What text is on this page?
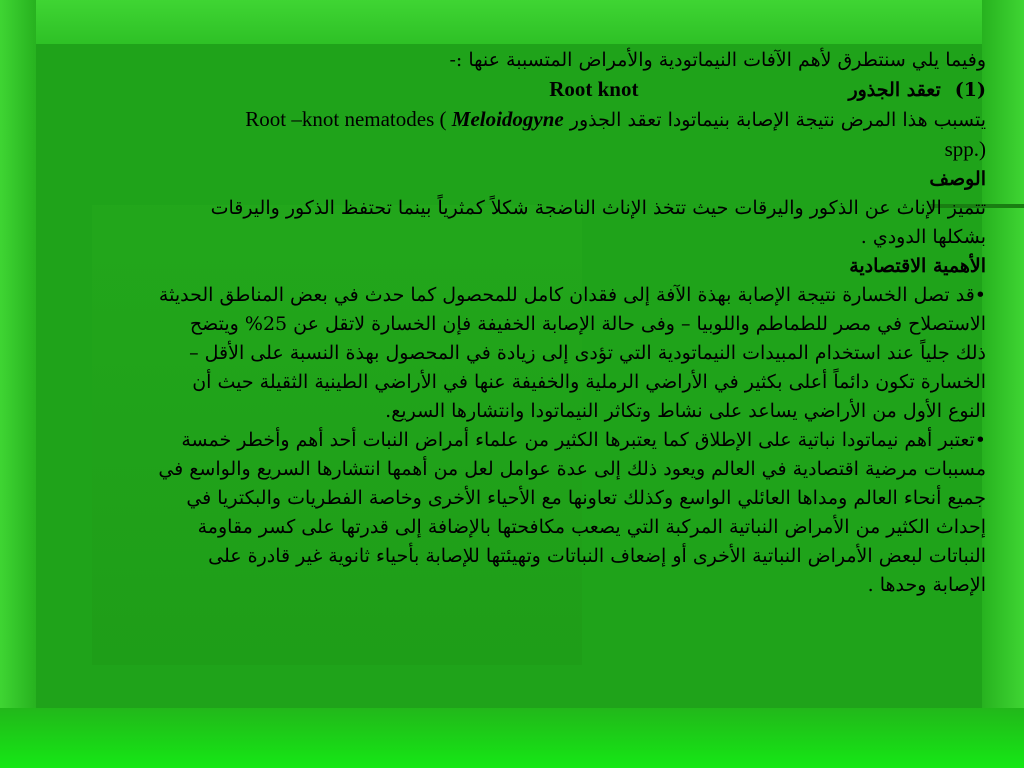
وفيما يلي سنتطرق لأهم الآفات النيماتودية والأمراض المتسببة عنها :-
(1)
تعقد الجذور
Root knot
يتسبب هذا المرض نتيجة الإصابة بنيماتودا تعقد الجذور Root –knot nematodes ( Meloidogyne
spp.)
الوصف
تتميز الإناث عن الذكور واليرقات حيث تتخذ الإناث الناضجة شكلاً كمثرياً بينما تحتفظ الذكور واليرقات
بشكلها الدودي .
الأهمية الاقتصادية
•قد تصل الخسارة نتيجة الإصابة بهذة الآفة إلى فقدان كامل للمحصول كما حدث في بعض المناطق الحديثة
الاستصلاح في مصر للطماطم واللوبيا – وفى حالة الإصابة الخفيفة فإن الخسارة لاتقل عن 25% ويتضح
ذلك جلياً عند استخدام المبيدات النيماتودية التي تؤدى إلى زيادة في المحصول بهذة النسبة على الأقل –
الخسارة تكون دائماً أعلى بكثير في الأراضي الرملية والخفيفة عنها في الأراضي الطينية الثقيلة حيث أن
النوع الأول من الأراضي يساعد على نشاط وتكاثر النيماتودا وانتشارها السريع.
•تعتبر أهم نيماتودا نباتية على الإطلاق كما يعتبرها الكثير من علماء أمراض النبات أحد أهم وأخطر خمسة
مسببات مرضية اقتصادية في العالم ويعود ذلك إلى عدة عوامل لعل من أهمها انتشارها السريع والواسع في
جميع أنحاء العالم ومداها العائلي الواسع وكذلك تعاونها مع الأحياء الأخرى وخاصة الفطريات والبكتريا في
إحداث الكثير من الأمراض النباتية المركبة التي يصعب مكافحتها بالإضافة إلى قدرتها على كسر مقاومة
النباتات لبعض الأمراض النباتية الأخرى أو إضعاف النباتات وتهيئتها للإصابة بأحياء ثانوية غير قادرة على
الإصابة وحدها .
